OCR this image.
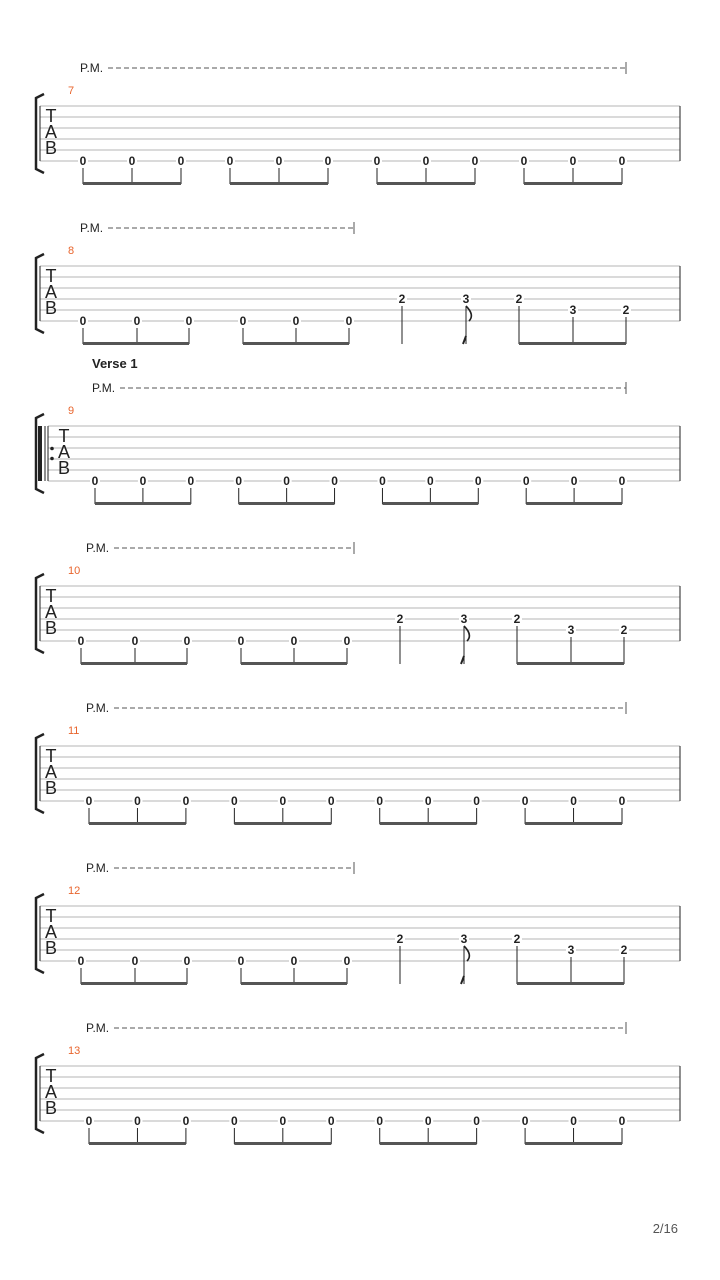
P.M.
7
T
A
B
0	0	0	0	0	0	0	0	0	0	0	0
P.M.
8
T
A
B
0	0	0	0	0	0
2	3	2
3	2
Verse 1
P.M.
9
T
A
B
0	0	0	0	0	0	0	0	0	0	0	0
P.M.
10
T
A
B
0	0	0	0	0	0
2	3	2
3	2
P.M.
11
T
A
B
0	0	0	0	0	0	0	0	0	0	0	0
P.M.
12
T
A
B
0	0	0	0	0	0
2	3	2
3	2
P.M.
13
T
A
B
0	0	0	0	0	0	0	0	0	0	0	0
2/16
